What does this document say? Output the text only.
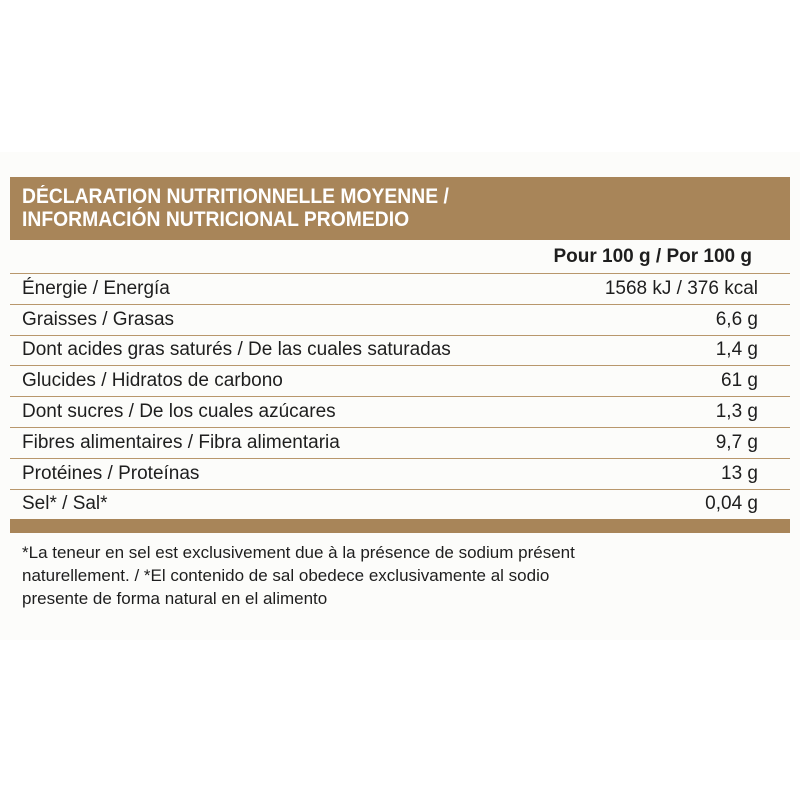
DÉCLARATION NUTRITIONNELLE MOYENNE /
INFORMACIÓN NUTRICIONAL PROMEDIO
Pour 100 g / Por 100 g
Énergie / Energía	1568 kJ / 376 kcal
Graisses / Grasas	6,6 g
Dont acides gras saturés / De las cuales saturadas	1,4 g
Glucides / Hidratos de carbono	61 g
Dont sucres / De los cuales azúcares	1,3 g
Fibres alimentaires / Fibra alimentaria	9,7 g
Protéines / Proteínas	13 g
Sel* / Sal*	0,04 g
*La teneur en sel est exclusivement due à la présence de sodium présent
naturellement. / *El contenido de sal obedece exclusivamente al sodio
presente de forma natural en el alimento
